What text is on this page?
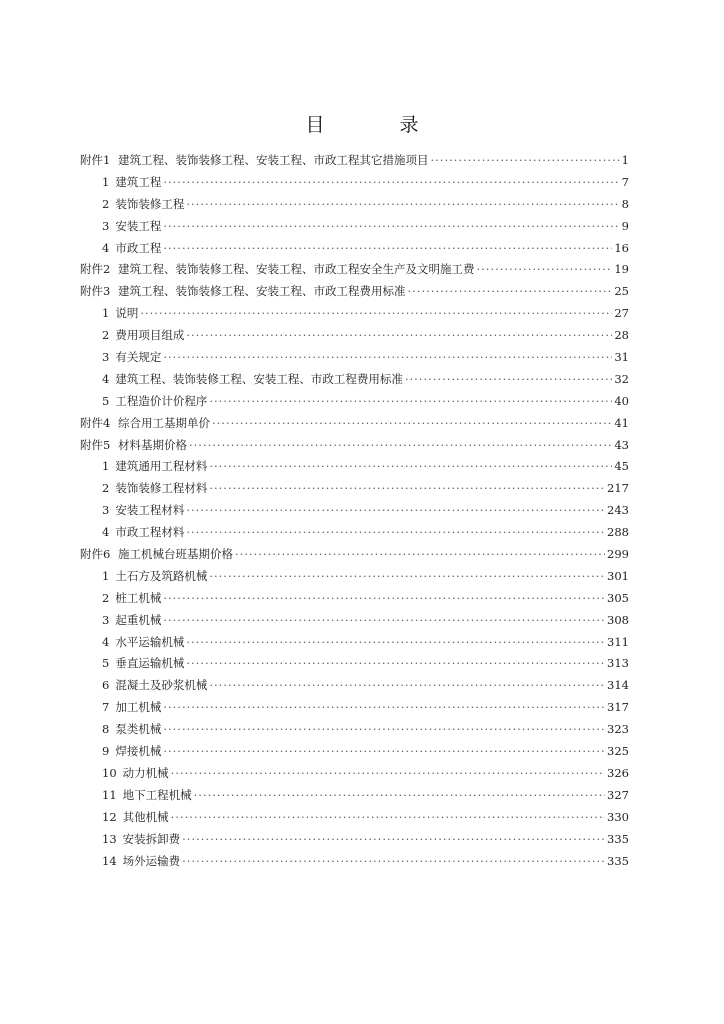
目　录
附件1 建筑工程、装饰装修工程、安装工程、市政工程其它措施项目 ·····	1
1 建筑工程 ·····	7
2 装饰装修工程 ·····	8
3 安装工程 ·····	9
4 市政工程 ·····	16
附件2 建筑工程、装饰装修工程、安装工程、市政工程安全生产及文明施工费 ·····	19
附件3 建筑工程、装饰装修工程、安装工程、市政工程费用标准 ·····	25
1 说明 ·····	27
2 费用项目组成 ·····	28
3 有关规定 ·····	31
4 建筑工程、装饰装修工程、安装工程、市政工程费用标准 ·····	32
5 工程造价计价程序 ·····	40
附件4 综合用工基期单价 ·····	41
附件5 材料基期价格 ·····	43
1 建筑通用工程材料 ·····	45
2 装饰装修工程材料 ·····	217
3 安装工程材料 ·····	243
4 市政工程材料 ·····	288
附件6 施工机械台班基期价格 ·····	299
1 土石方及筑路机械 ·····	301
2 桩工机械 ·····	305
3 起重机械 ·····	308
4 水平运输机械 ·····	311
5 垂直运输机械 ·····	313
6 混凝土及砂浆机械 ·····	314
7 加工机械 ·····	317
8 泵类机械 ·····	323
9 焊接机械 ·····	325
10 动力机械 ·····	326
11 地下工程机械 ·····	327
12 其他机械 ·····	330
13 安装拆卸费 ·····	335
14 场外运输费 ·····	335
